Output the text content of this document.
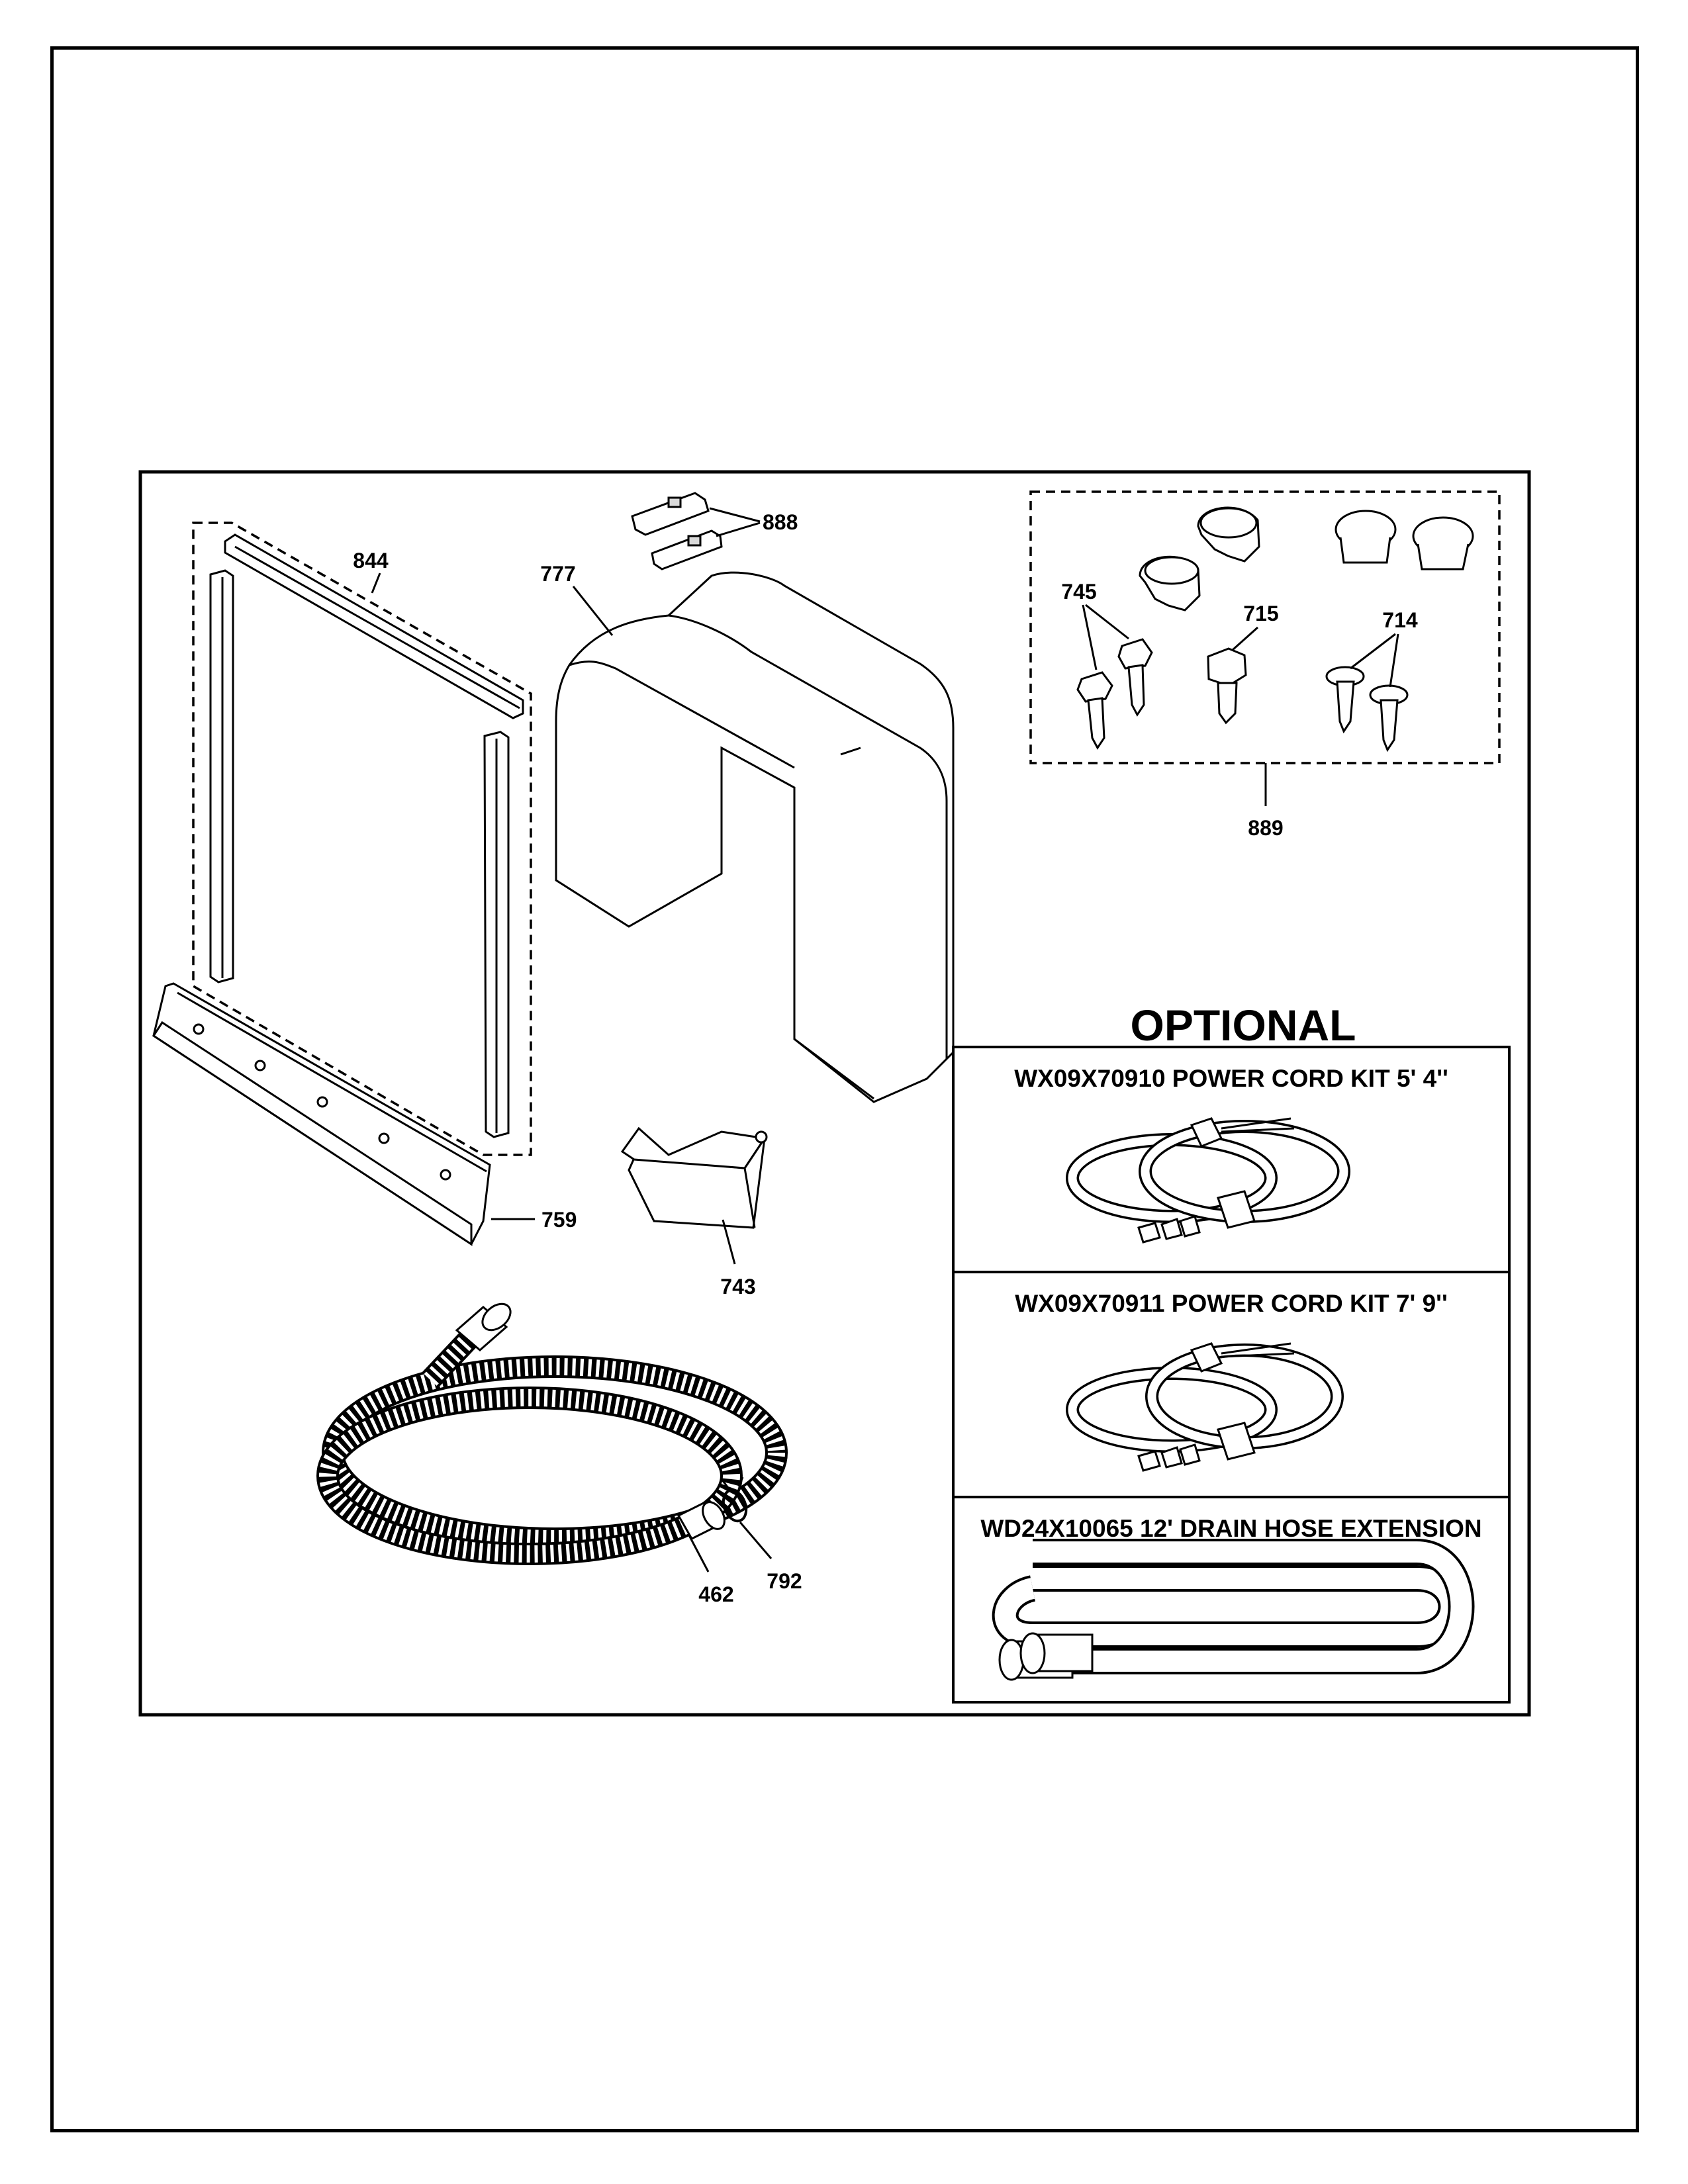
844
759
777
888
745
715	714
889
743
462
792
OPTIONAL
WX09X70910 POWER CORD KIT 5' 4''
WX09X70911 POWER CORD KIT 7' 9''
WD24X10065 12' DRAIN HOSE EXTENSION
